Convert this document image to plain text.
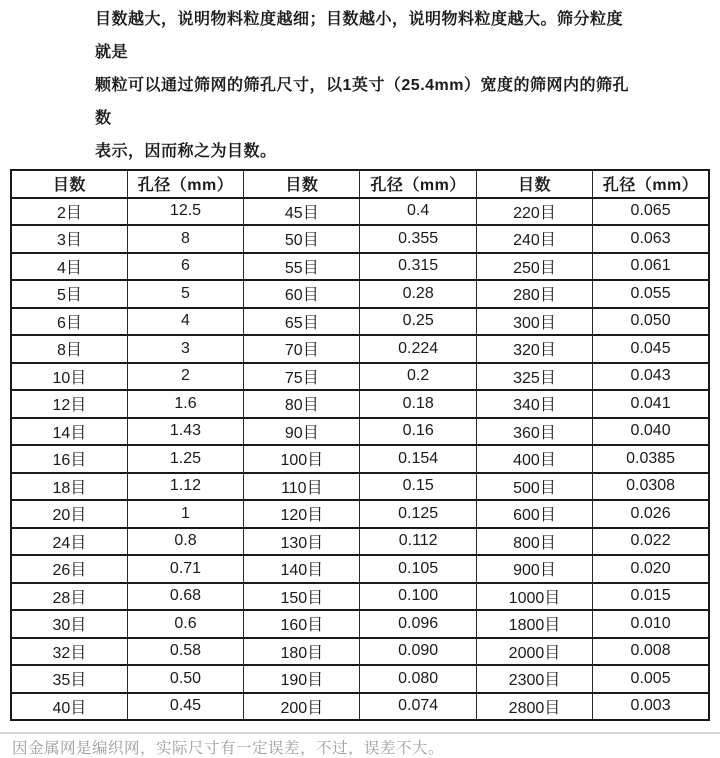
目数越大，说明物料粒度越细；目数越小，说明物料粒度越大。筛分粒度就是
颗粒可以通过筛网的筛孔尺寸，以1英寸（25.4mm）宽度的筛网内的筛孔数
表示，因而称之为目数。
目数	孔径（mm）	目数	孔径（mm）	目数	孔径（mm）
2目	12.5	45目	0.4	220目	0.065
3目	8	50目	0.355	240目	0.063
4目	6	55目	0.315	250目	0.061
5目	5	60目	0.28	280目	0.055
6目	4	65目	0.25	300目	0.050
8目	3	70目	0.224	320目	0.045
10目	2	75目	0.2	325目	0.043
12目	1.6	80目	0.18	340目	0.041
14目	1.43	90目	0.16	360目	0.040
16目	1.25	100目	0.154	400目	0.0385
18目	1.12	110目	0.15	500目	0.0308
20目	1	120目	0.125	600目	0.026
24目	0.8	130目	0.112	800目	0.022
26目	0.71	140目	0.105	900目	0.020
28目	0.68	150目	0.100	1000目	0.015
30目	0.6	160目	0.096	1800目	0.010
32目	0.58	180目	0.090	2000目	0.008
35目	0.50	190目	0.080	2300目	0.005
40目	0.45	200目	0.074	2800目	0.003
因金属网是编织网，实际尺寸有一定误差，不过，误差不大。
